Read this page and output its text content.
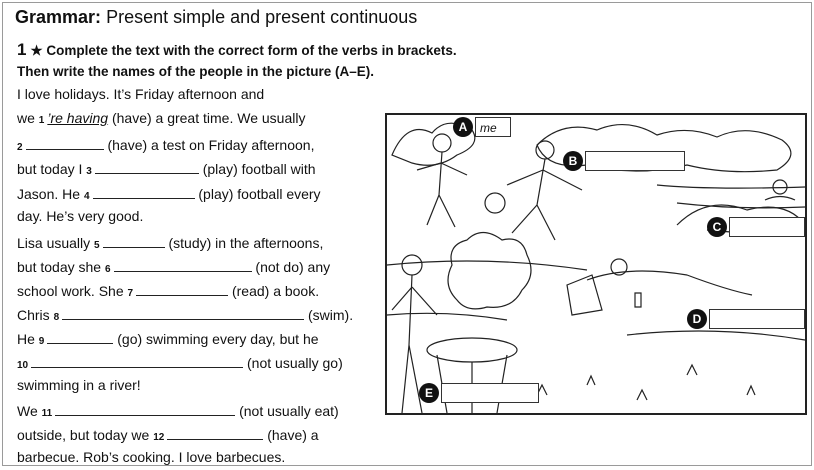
Grammar: Present simple and present continuous
1 ★ Complete the text with the correct form of the verbs in brackets.
Then write the names of the people in the picture (A–E).
I love holidays. It’s Friday afternoon and
we 1 ’re having (have) a great time. We usually
2	(have) a test on Friday afternoon,
but today I 3	(play) football with
Jason. He 4	(play) football every
day. He’s very good.
Lisa usually 5	(study) in the afternoons,
but today she 6	(not do) any
school work. She 7	(read) a book.
Chris 8	(swim).
He 9	(go) swimming every day, but he
10	(not usually go)
swimming in a river!
We 11	(not usually eat)
outside, but today we 12	(have) a
barbecue. Rob’s cooking. I love barbecues.
A	me
B
C
D
E
